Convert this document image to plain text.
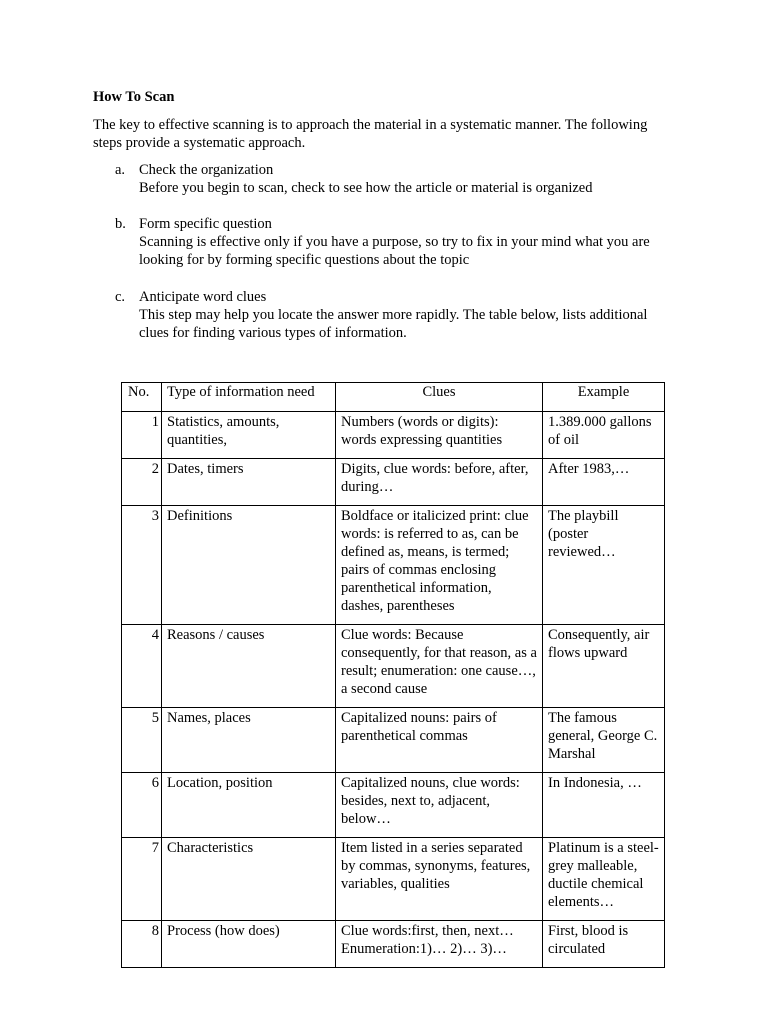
How To Scan
The key to effective scanning is to approach the material in a systematic manner. The following steps provide a systematic approach.
a. Check the organization
Before you begin to scan, check to see how the article or material is organized
b. Form specific question
Scanning is effective only if you have a purpose, so try to fix in your mind what you are looking for by forming specific questions about the topic
c. Anticipate word clues
This step may help you locate the answer more rapidly. The table below, lists additional clues for finding various types of information.
No.	Type of information need	Clues	Example
1	Statistics, amounts, quantities,	Numbers (words or digits): words expressing quantities	1.389.000 gallons of oil
2	Dates, timers	Digits, clue words: before, after, during…	After 1983,…
3	Definitions	Boldface or italicized print: clue words: is referred to as, can be defined as, means, is termed; pairs of commas enclosing parenthetical information, dashes, parentheses	The playbill (poster reviewed…
4	Reasons / causes	Clue words: Because consequently, for that reason, as a result; enumeration: one cause…, a second cause	Consequently, air flows upward
5	Names, places	Capitalized nouns: pairs of parenthetical commas	The famous general, George C. Marshal
6	Location, position	Capitalized nouns, clue words: besides, next to, adjacent, below…	In Indonesia, …
7	Characteristics	Item listed in a series separated by commas, synonyms, features, variables, qualities	Platinum is a steel-grey malleable, ductile chemical elements…
8	Process (how does)	Clue words:first, then, next… Enumeration:1)… 2)… 3)…	First, blood is circulated
